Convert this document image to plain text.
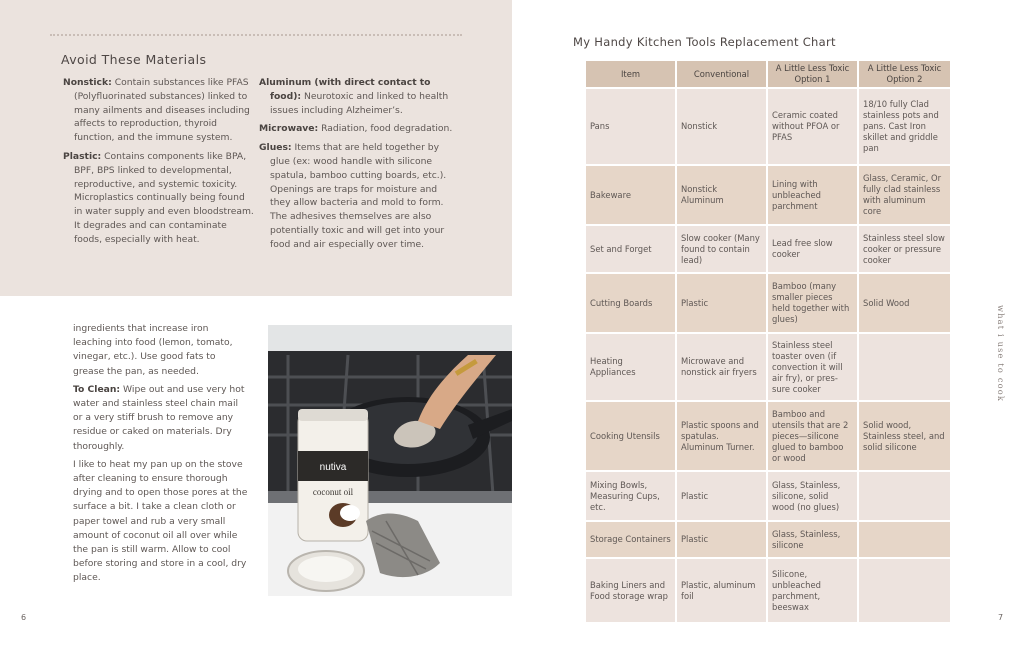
Avoid These Materials

Nonstick: Contain substances like PFAS (Polyfluorinated substances) linked to many ailments and diseases including affects to reproduction, thyroid function, and the immune system.

Plastic: Contains components like BPA, BPF, BPS linked to developmental, reproductive, and systemic toxicity. Microplastics continually being found in water supply and even bloodstream. It degrades and can contaminate foods, especially with heat.

Aluminum (with direct contact to food): Neurotoxic and linked to health issues including Alzheimer’s.

Microwave: Radiation, food degradation.

Glues: Items that are held together by glue (ex: wood handle with silicone spatula, bamboo cutting boards, etc.). Openings are traps for moisture and they allow bacteria and mold to form. The adhesives themselves are also potentially toxic and will get into your food and air especially over time.

ingredients that increase iron leaching into food (lemon, tomato, vinegar, etc.). Use good fats to grease the pan, as needed.

To Clean: Wipe out and use very hot water and stainless steel chain mail or a very stiff brush to remove any residue or caked on materials. Dry thoroughly.

I like to heat my pan up on the stove after cleaning to ensure thorough drying and to open those pores at the surface a bit. I take a clean cloth or paper towel and rub a very small amount of coconut oil all over while the pan is still warm. Allow to cool before storing and store in a cool, dry place.

nutiva
coconut oil
6
My Handy Kitchen Tools Replacement Chart
Item	Conventional	A Little Less Toxic Option 1	A Little Less Toxic Option 2
Pans	Nonstick	Ceramic coated without PFOA or PFAS	18/10 fully Clad stainless pots and pans. Cast Iron skillet and griddle pan
Bakeware	Nonstick Aluminum	Lining with unbleached parchment	Glass, Ceramic, Or fully clad stainless with aluminum core
Set and Forget	Slow cooker (Many found to contain lead)	Lead free slow cooker	Stainless steel slow cooker or pressure cooker
Cutting Boards	Plastic	Bamboo (many smaller pieces held together with glues)	Solid Wood
Heating Appliances	Microwave and nonstick air fryers	Stainless steel toaster oven (if convection it will air fry), or pres-sure cooker	
Cooking Utensils	Plastic spoons and spatulas. Aluminum Turner.	Bamboo and utensils that are 2 pieces—silicone glued to bamboo or wood	Solid wood, Stainless steel, and solid silicone
Mixing Bowls, Measuring Cups, etc.	Plastic	Glass, Stainless, silicone, solid wood (no glues)	
Storage Containers	Plastic	Glass, Stainless, silicone	
Baking Liners and Food storage wrap	Plastic, aluminum foil	Silicone, unbleached parchment, beeswax	
what i use to cook
7
